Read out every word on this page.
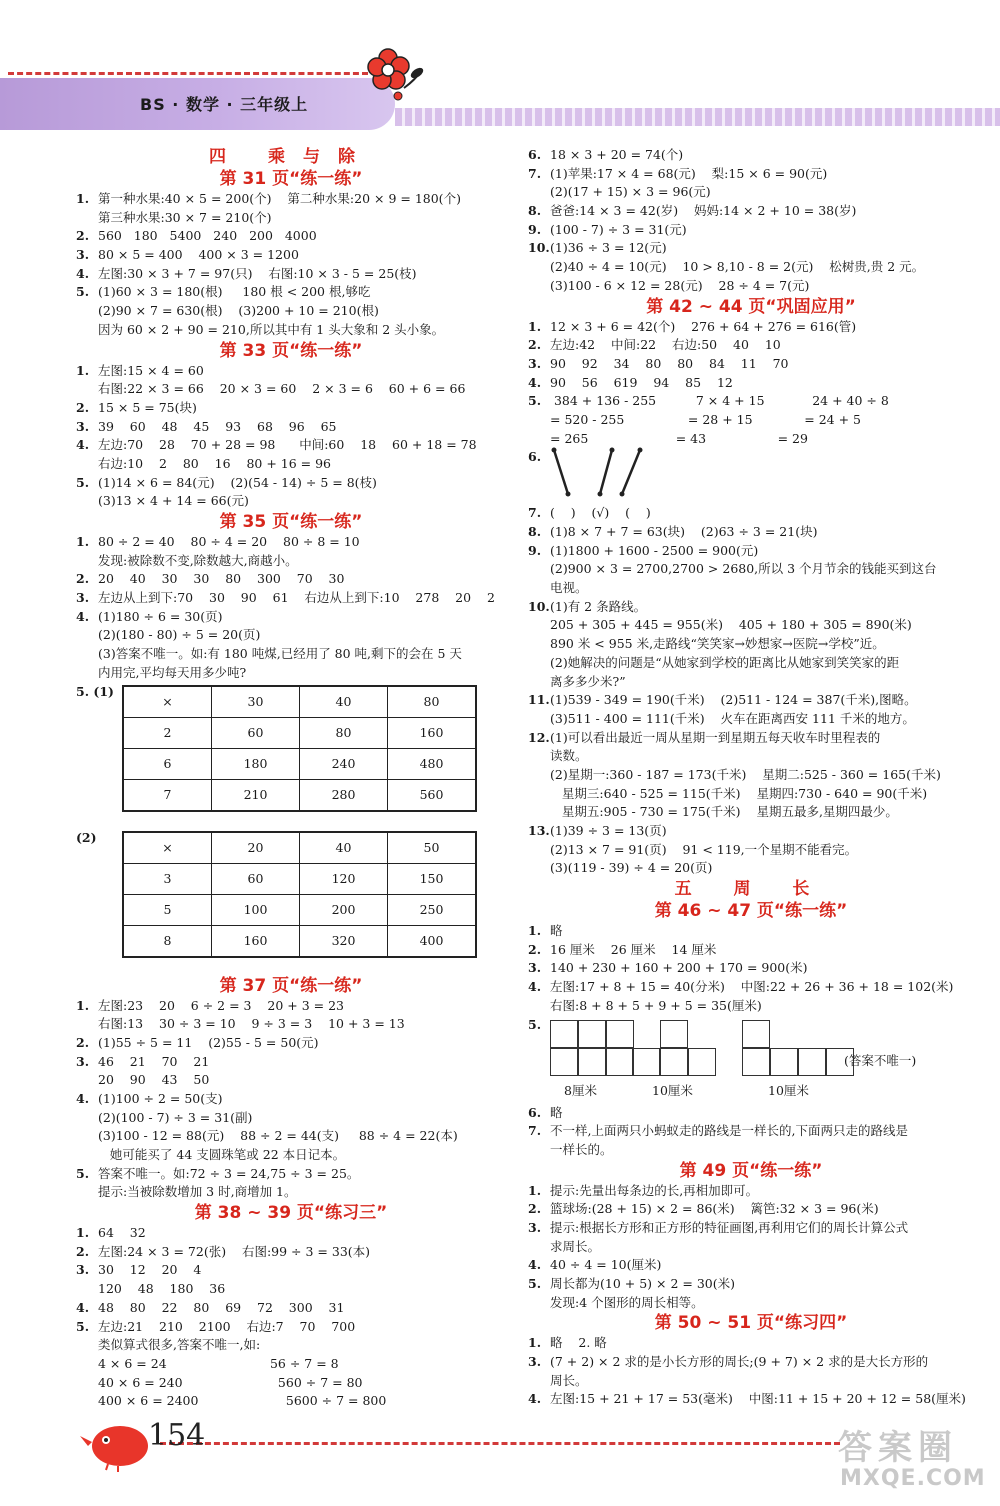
BS · 数学 · 三年级上
四 乘与除
第 31 页“练一练”
1. 第一种水果:40 × 5 = 200(个)    第二种水果:20 × 9 = 180(个)
第三种水果:30 × 7 = 210(个)
2. 560   180   5400   240   200   4000
3. 80 × 5 = 400    400 × 3 = 1200
4. 左图:30 × 3 + 7 = 97(只)    右图:10 × 3 - 5 = 25(枝)
5. (1)60 × 3 = 180(根)     180 根 < 200 根,够吃
(2)90 × 7 = 630(根)    (3)200 + 10 = 210(根)
因为 60 × 2 + 90 = 210,所以其中有 1 头大象和 2 头小象。
第 33 页“练一练”
1. 左图:15 × 4 = 60
右图:22 × 3 = 66    20 × 3 = 60    2 × 3 = 6    60 + 6 = 66
2. 15 × 5 = 75(块)
3. 39    60    48    45    93    68    96    65
4. 左边:70    28    70 + 28 = 98      中间:60    18    60 + 18 = 78
右边:10    2    80    16    80 + 16 = 96
5. (1)14 × 6 = 84(元)    (2)(54 - 14) ÷ 5 = 8(枝)
(3)13 × 4 + 14 = 66(元)
第 35 页“练一练”
1. 80 ÷ 2 = 40    80 ÷ 4 = 20    80 ÷ 8 = 10
发现:被除数不变,除数越大,商越小。
2. 20    40    30    30    80    300    70    30
3. 左边从上到下:70    30    90    61    右边从上到下:10    278    20    2
4. (1)180 ÷ 6 = 30(页)
(2)(180 - 80) ÷ 5 = 20(页)
(3)答案不唯一。如:有 180 吨煤,已经用了 80 吨,剩下的会在 5 天
内用完,平均每天用多少吨?
5. (1)
×	30	40	80
2	60	80	160
6	180	240	480
7	210	280	560
(2)
×	20	40	50
3	60	120	150
5	100	200	250
8	160	320	400
第 37 页“练一练”
1. 左图:23    20    6 ÷ 2 = 3    20 + 3 = 23
右图:13    30 ÷ 3 = 10    9 ÷ 3 = 3    10 + 3 = 13
2. (1)55 ÷ 5 = 11    (2)55 - 5 = 50(元)
3. 46    21    70    21
20    90    43    50
4. (1)100 ÷ 2 = 50(支)
(2)(100 - 7) ÷ 3 = 31(副)
(3)100 - 12 = 88(元)    88 ÷ 2 = 44(支)     88 ÷ 4 = 22(本)
她可能买了 44 支圆珠笔或 22 本日记本。
5. 答案不唯一。如:72 ÷ 3 = 24,75 ÷ 3 = 25。
提示:当被除数增加 3 时,商增加 1。
第 38 ~ 39 页“练习三”
1. 64    32
2. 左图:24 × 3 = 72(张)    右图:99 ÷ 3 = 33(本)
3. 30    12    20    4
120    48    180    36
4. 48    80    22    80    69    72    300    31
5. 左边:21    210    2100    右边:7    70    700
类似算式很多,答案不唯一,如:
4 × 6 = 24                          56 ÷ 7 = 8
40 × 6 = 240                        560 ÷ 7 = 80
400 × 6 = 2400                      5600 ÷ 7 = 800
6. 18 × 3 + 20 = 74(个)
7. (1)苹果:17 × 4 = 68(元)    梨:15 × 6 = 90(元)
(2)(17 + 15) × 3 = 96(元)
8. 爸爸:14 × 3 = 42(岁)    妈妈:14 × 2 + 10 = 38(岁)
9. (100 - 7) ÷ 3 = 31(元)
10.(1)36 ÷ 3 = 12(元)
(2)40 ÷ 4 = 10(元)    10 > 8,10 - 8 = 2(元)    松树贵,贵 2 元。
(3)100 - 6 × 12 = 28(元)    28 ÷ 4 = 7(元)
第 42 ~ 44 页“巩固应用”
1. 12 × 3 + 6 = 42(个)    276 + 64 + 276 = 616(管)
2. 左边:42    中间:22    右边:50    40    10
3. 90    92    34    80    80    84    11    70
4. 90    56    619    94    85    12
5. 384 + 136 - 255          7 × 4 + 15            24 + 40 ÷ 8
= 520 - 255                = 28 + 15             = 24 + 5
= 265                      = 43                  = 29
6.
7. (    )    (√)    (    )
8. (1)8 × 7 + 7 = 63(块)    (2)63 ÷ 3 = 21(块)
9. (1)1800 + 1600 - 2500 = 900(元)
(2)900 × 3 = 2700,2700 > 2680,所以 3 个月节余的钱能买到这台
电视。
10.(1)有 2 条路线。
205 + 305 + 445 = 955(米)    405 + 180 + 305 = 890(米)
890 米 < 955 米,走路线“笑笑家→妙想家→医院→学校”近。
(2)她解决的问题是“从她家到学校的距离比从她家到笑笑家的距
离多多少米?”
11.(1)539 - 349 = 190(千米)    (2)511 - 124 = 387(千米),图略。
(3)511 - 400 = 111(千米)    火车在距离西安 111 千米的地方。
12.(1)可以看出最近一周从星期一到星期五每天收车时里程表的
读数。
(2)星期一:360 - 187 = 173(千米)    星期二:525 - 360 = 165(千米)
星期三:640 - 525 = 115(千米)    星期四:730 - 640 = 90(千米)
星期五:905 - 730 = 175(千米)    星期五最多,星期四最少。
13.(1)39 ÷ 3 = 13(页)
(2)13 × 7 = 91(页)    91 < 119,一个星期不能看完。
(3)(119 - 39) ÷ 4 = 20(页)
五 周 长
第 46 ~ 47 页“练一练”
1. 略
2. 16 厘米    26 厘米    14 厘米
3. 140 + 230 + 160 + 200 + 170 = 900(米)
4. 左图:17 + 8 + 15 = 40(分米)    中图:22 + 26 + 36 + 18 = 102(米)
右图:8 + 8 + 5 + 9 + 5 = 35(厘米)
5.
8厘米	10厘米	10厘米
(答案不唯一)
6. 略
7. 不一样,上面两只小蚂蚁走的路线是一样长的,下面两只走的路线是
一样长的。
第 49 页“练一练”
1. 提示:先量出每条边的长,再相加即可。
2. 篮球场:(28 + 15) × 2 = 86(米)    篱笆:32 × 3 = 96(米)
3. 提示:根据长方形和正方形的特征画图,再利用它们的周长计算公式
求周长。
4. 40 ÷ 4 = 10(厘米)
5. 周长都为(10 + 5) × 2 = 30(米)
发现:4 个图形的周长相等。
第 50 ~ 51 页“练习四”
1. 略    2. 略
3. (7 + 2) × 2 求的是小长方形的周长;(9 + 7) × 2 求的是大长方形的
周长。
4. 左图:15 + 21 + 17 = 53(毫米)    中图:11 + 15 + 20 + 12 = 58(厘米)
154	答案圈
MXQE.COM
